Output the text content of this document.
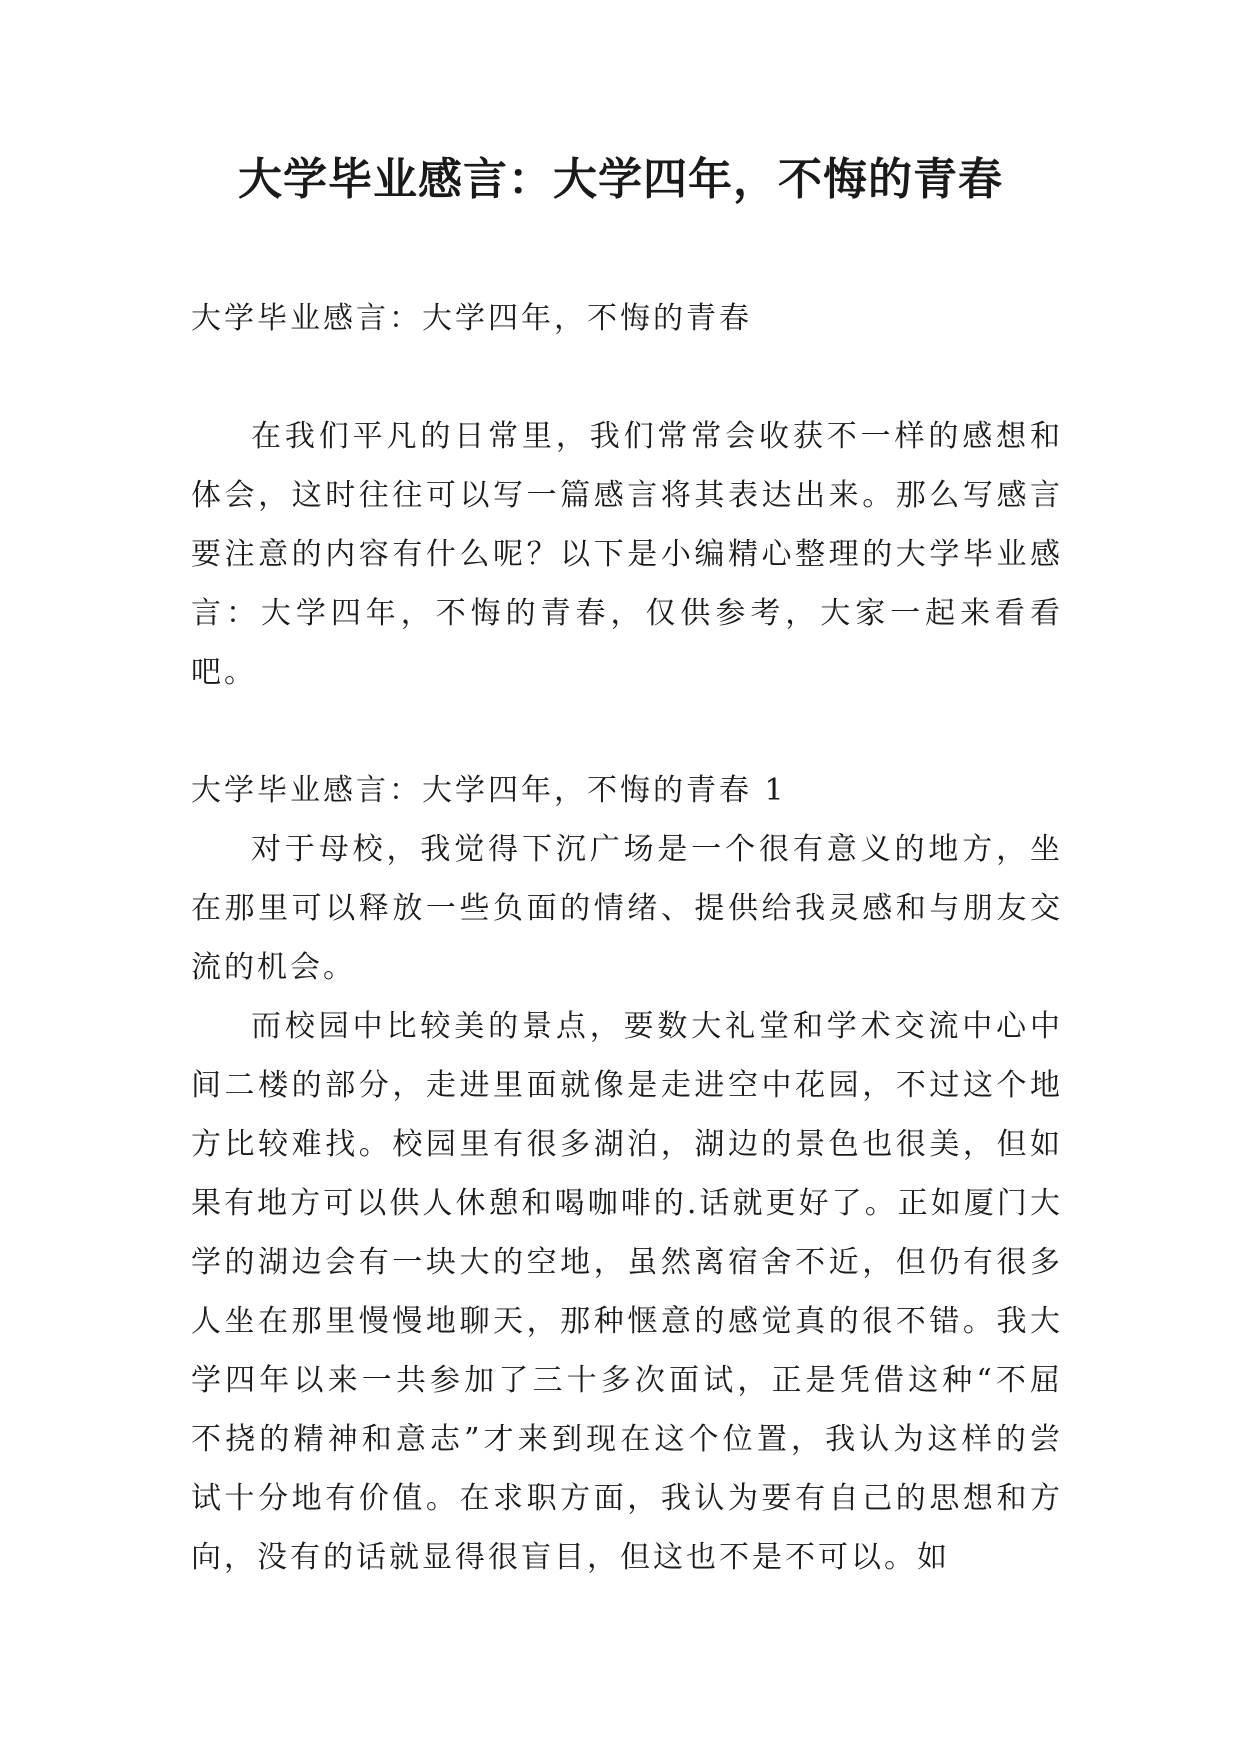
大学毕业感言：大学四年，不悔的青春

大学毕业感言：大学四年，不悔的青春

在我们平凡的日常里，我们常常会收获不一样的感想和体会，这时往往可以写一篇感言将其表达出来。那么写感言要注意的内容有什么呢？以下是小编精心整理的大学毕业感言：大学四年，不悔的青春，仅供参考，大家一起来看看吧。

大学毕业感言：大学四年，不悔的青春 1

对于母校，我觉得下沉广场是一个很有意义的地方，坐在那里可以释放一些负面的情绪、提供给我灵感和与朋友交流的机会。

而校园中比较美的景点，要数大礼堂和学术交流中心中间二楼的部分，走进里面就像是走进空中花园，不过这个地方比较难找。校园里有很多湖泊，湖边的景色也很美，但如果有地方可以供人休憩和喝咖啡的.话就更好了。正如厦门大学的湖边会有一块大的空地，虽然离宿舍不近，但仍有很多人坐在那里慢慢地聊天，那种惬意的感觉真的很不错。我大学四年以来一共参加了三十多次面试，正是凭借这种“不屈不挠的精神和意志”才来到现在这个位置，我认为这样的尝试十分地有价值。在求职方面，我认为要有自己的思想和方向，没有的话就显得很盲目，但这也不是不可以。如
